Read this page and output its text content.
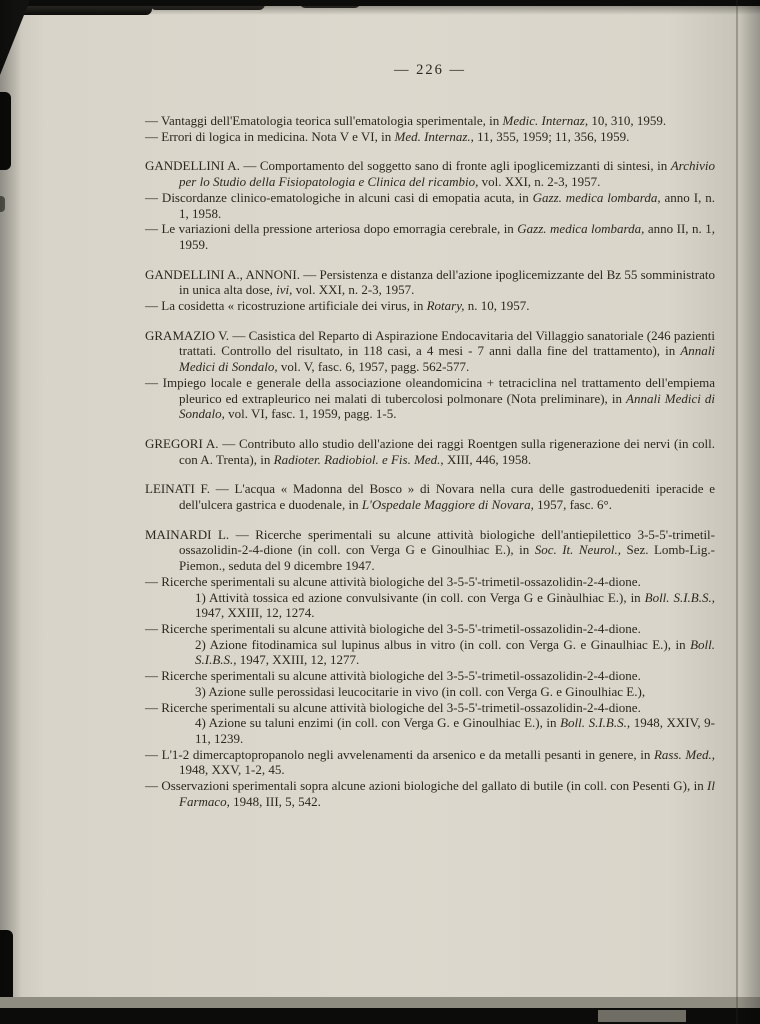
— 226 —

— Vantaggi dell'Ematologia teorica sull'ematologia sperimentale, in Medic. Internaz, 10, 310, 1959.

— Errori di logica in medicina. Nota V e VI, in Med. Internaz., 11, 355, 1959; 11, 356, 1959.

GANDELLINI A. — Comportamento del soggetto sano di fronte agli ipoglicemizzanti di sintesi, in Archivio per lo Studio della Fisiopatologia e Clinica del ricambio, vol. XXI, n. 2-3, 1957.

— Discordanze clinico-ematologiche in alcuni casi di emopatia acuta, in Gazz. medica lombarda, anno I, n. 1, 1958.

— Le variazioni della pressione arteriosa dopo emorragia cerebrale, in Gazz. medica lombarda, anno II, n. 1, 1959.

GANDELLINI A., ANNONI. — Persistenza e distanza dell'azione ipoglicemizzante del Bz 55 somministrato in unica alta dose, ivi, vol. XXI, n. 2-3, 1957.

— La cosidetta « ricostruzione artificiale dei virus, in Rotary, n. 10, 1957.

GRAMAZIO V. — Casistica del Reparto di Aspirazione Endocavitaria del Villaggio sanatoriale (246 pazienti trattati. Controllo del risultato, in 118 casi, a 4 mesi - 7 anni dalla fine del trattamento), in Annali Medici di Sondalo, vol. V, fasc. 6, 1957, pagg. 562-577.

— Impiego locale e generale della associazione oleandomicina + tetraciclina nel trattamento dell'empiema pleurico ed extrapleurico nei malati di tubercolosi polmonare (Nota preliminare), in Annali Medici di Sondalo, vol. VI, fasc. 1, 1959, pagg. 1-5.

GREGORI A. — Contributo allo studio dell'azione dei raggi Roentgen sulla rigenerazione dei nervi (in coll. con A. Trenta), in Radioter. Radiobiol. e Fis. Med., XIII, 446, 1958.

LEINATI F. — L'acqua « Madonna del Bosco » di Novara nella cura delle gastroduedeniti iperacide e dell'ulcera gastrica e duodenale, in L'Ospedale Maggiore di Novara, 1957, fasc. 6°.

MAINARDI L. — Ricerche sperimentali su alcune attività biologiche dell'antiepilettico 3-5-5'-trimetil-ossazolidin-2-4-dione (in coll. con Verga G e Ginoulhiac E.), in Soc. It. Neurol., Sez. Lomb-Lig.-Piemon., seduta del 9 dicembre 1947.

— Ricerche sperimentali su alcune attività biologiche del 3-5-5'-trimetil-ossazolidin-2-4-dione.

1) Attività tossica ed azione convulsivante (in coll. con Verga G e Ginàulhiac E.), in Boll. S.I.B.S., 1947, XXIII, 12, 1274.

— Ricerche sperimentali su alcune attività biologiche del 3-5-5'-trimetil-ossazolidin-2-4-dione.

2) Azione fitodinamica sul lupinus albus in vitro (in coll. con Verga G. e Ginaulhiac E.), in Boll. S.I.B.S., 1947, XXIII, 12, 1277.

— Ricerche sperimentali su alcune attività biologiche del 3-5-5'-trimetil-ossazolidin-2-4-dione.

3) Azione sulle perossidasi leucocitarie in vivo (in coll. con Verga G. e Ginoulhiac E.),

— Ricerche sperimentali su alcune attività biologiche del 3-5-5'-trimetil-ossazolidin-2-4-dione.

4) Azione su taluni enzimi (in coll. con Verga G. e Ginoulhiac E.), in Boll. S.I.B.S., 1948, XXIV, 9-11, 1239.

— L'1-2 dimercaptopropanolo negli avvelenamenti da arsenico e da metalli pesanti in genere, in Rass. Med., 1948, XXV, 1-2, 45.

— Osservazioni sperimentali sopra alcune azioni biologiche del gallato di butile (in coll. con Pesenti G), in Il Farmaco, 1948, III, 5, 542.
